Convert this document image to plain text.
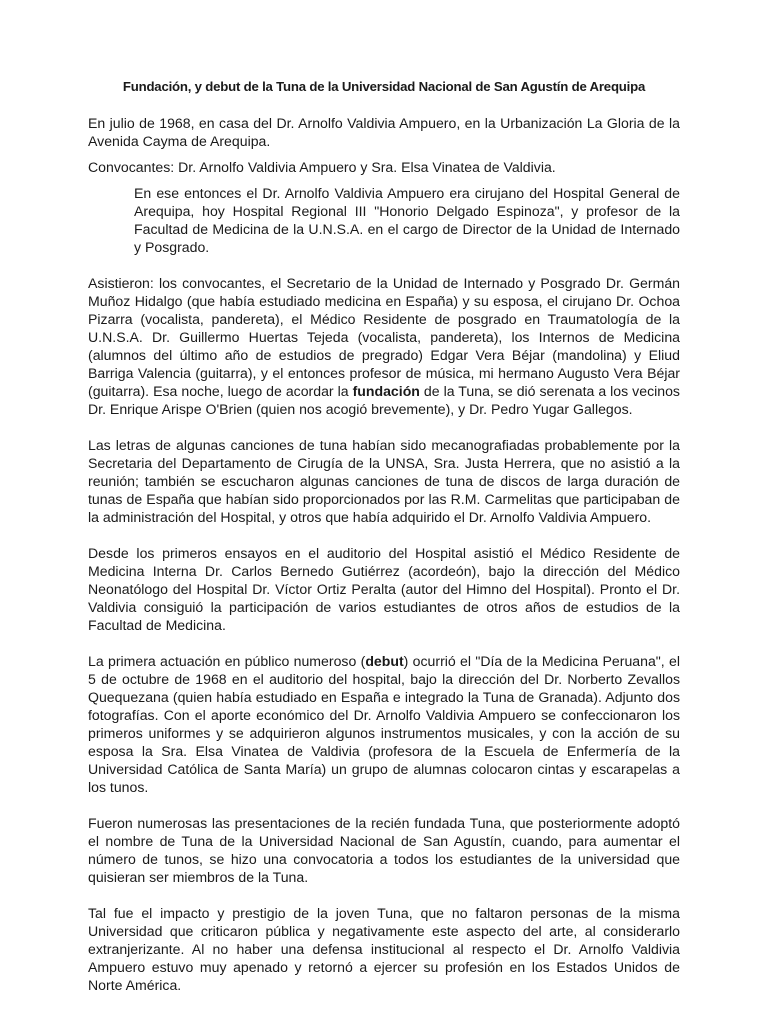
Fundación, y debut de la Tuna de la Universidad Nacional de San Agustín de Arequipa

En julio de 1968, en casa del Dr. Arnolfo Valdivia Ampuero, en la Urbanización La Gloria de la Avenida Cayma de Arequipa.

Convocantes: Dr. Arnolfo Valdivia Ampuero y Sra. Elsa Vinatea de Valdivia.

En ese entonces el Dr. Arnolfo Valdivia Ampuero era cirujano del Hospital General de Arequipa, hoy Hospital Regional III "Honorio Delgado Espinoza", y profesor de la Facultad de Medicina de la U.N.S.A. en el cargo de Director de la Unidad de Internado y Posgrado.

Asistieron: los convocantes, el Secretario de la Unidad de Internado y Posgrado Dr. Germán Muñoz Hidalgo (que había estudiado medicina en España) y su esposa, el cirujano Dr. Ochoa Pizarra (vocalista, pandereta), el Médico Residente de posgrado en Traumatología de la U.N.S.A. Dr. Guillermo Huertas Tejeda (vocalista, pandereta), los Internos de Medicina (alumnos del último año de estudios de pregrado) Edgar Vera Béjar (mandolina) y Eliud Barriga Valencia (guitarra), y el entonces profesor de música, mi hermano Augusto Vera Béjar (guitarra). Esa noche, luego de acordar la fundación de la Tuna, se dió serenata a los vecinos Dr. Enrique Arispe O'Brien (quien nos acogió brevemente), y Dr. Pedro Yugar Gallegos.

Las letras de algunas canciones de tuna habían sido mecanografiadas probablemente por la Secretaria del Departamento de Cirugía de la UNSA, Sra. Justa Herrera, que no asistió a la reunión; también se escucharon algunas canciones de tuna de discos de larga duración de tunas de España que habían sido proporcionados por las R.M. Carmelitas que participaban de la administración del Hospital, y otros que había adquirido el Dr. Arnolfo Valdivia Ampuero.

Desde los primeros ensayos en el auditorio del Hospital asistió el Médico Residente de Medicina Interna Dr. Carlos Bernedo Gutiérrez (acordeón), bajo la dirección del Médico Neonatólogo del Hospital Dr. Víctor Ortiz Peralta (autor del Himno del Hospital). Pronto el Dr. Valdivia consiguió la participación de varios estudiantes de otros años de estudios de la Facultad de Medicina.

La primera actuación en público numeroso (debut) ocurrió el "Día de la Medicina Peruana", el 5 de octubre de 1968 en el auditorio del hospital, bajo la dirección del Dr. Norberto Zevallos Quequezana (quien había estudiado en España e integrado la Tuna de Granada). Adjunto dos fotografías. Con el aporte económico del Dr. Arnolfo Valdivia Ampuero se confeccionaron los primeros uniformes y se adquirieron algunos instrumentos musicales, y con la acción de su esposa la Sra. Elsa Vinatea de Valdivia (profesora de la Escuela de Enfermería de la Universidad Católica de Santa María) un grupo de alumnas colocaron cintas y escarapelas a los tunos.

Fueron numerosas las presentaciones de la recién fundada Tuna, que posteriormente adoptó el nombre de Tuna de la Universidad Nacional de San Agustín, cuando, para aumentar el número de tunos, se hizo una convocatoria a todos los estudiantes de la universidad que quisieran ser miembros de la Tuna.

Tal fue el impacto y prestigio de la joven Tuna, que no faltaron personas de la misma Universidad que criticaron pública y negativamente este aspecto del arte, al considerarlo extranjerizante. Al no haber una defensa institucional al respecto el Dr. Arnolfo Valdivia Ampuero estuvo muy apenado y retornó a ejercer su profesión en los Estados Unidos de Norte América.
